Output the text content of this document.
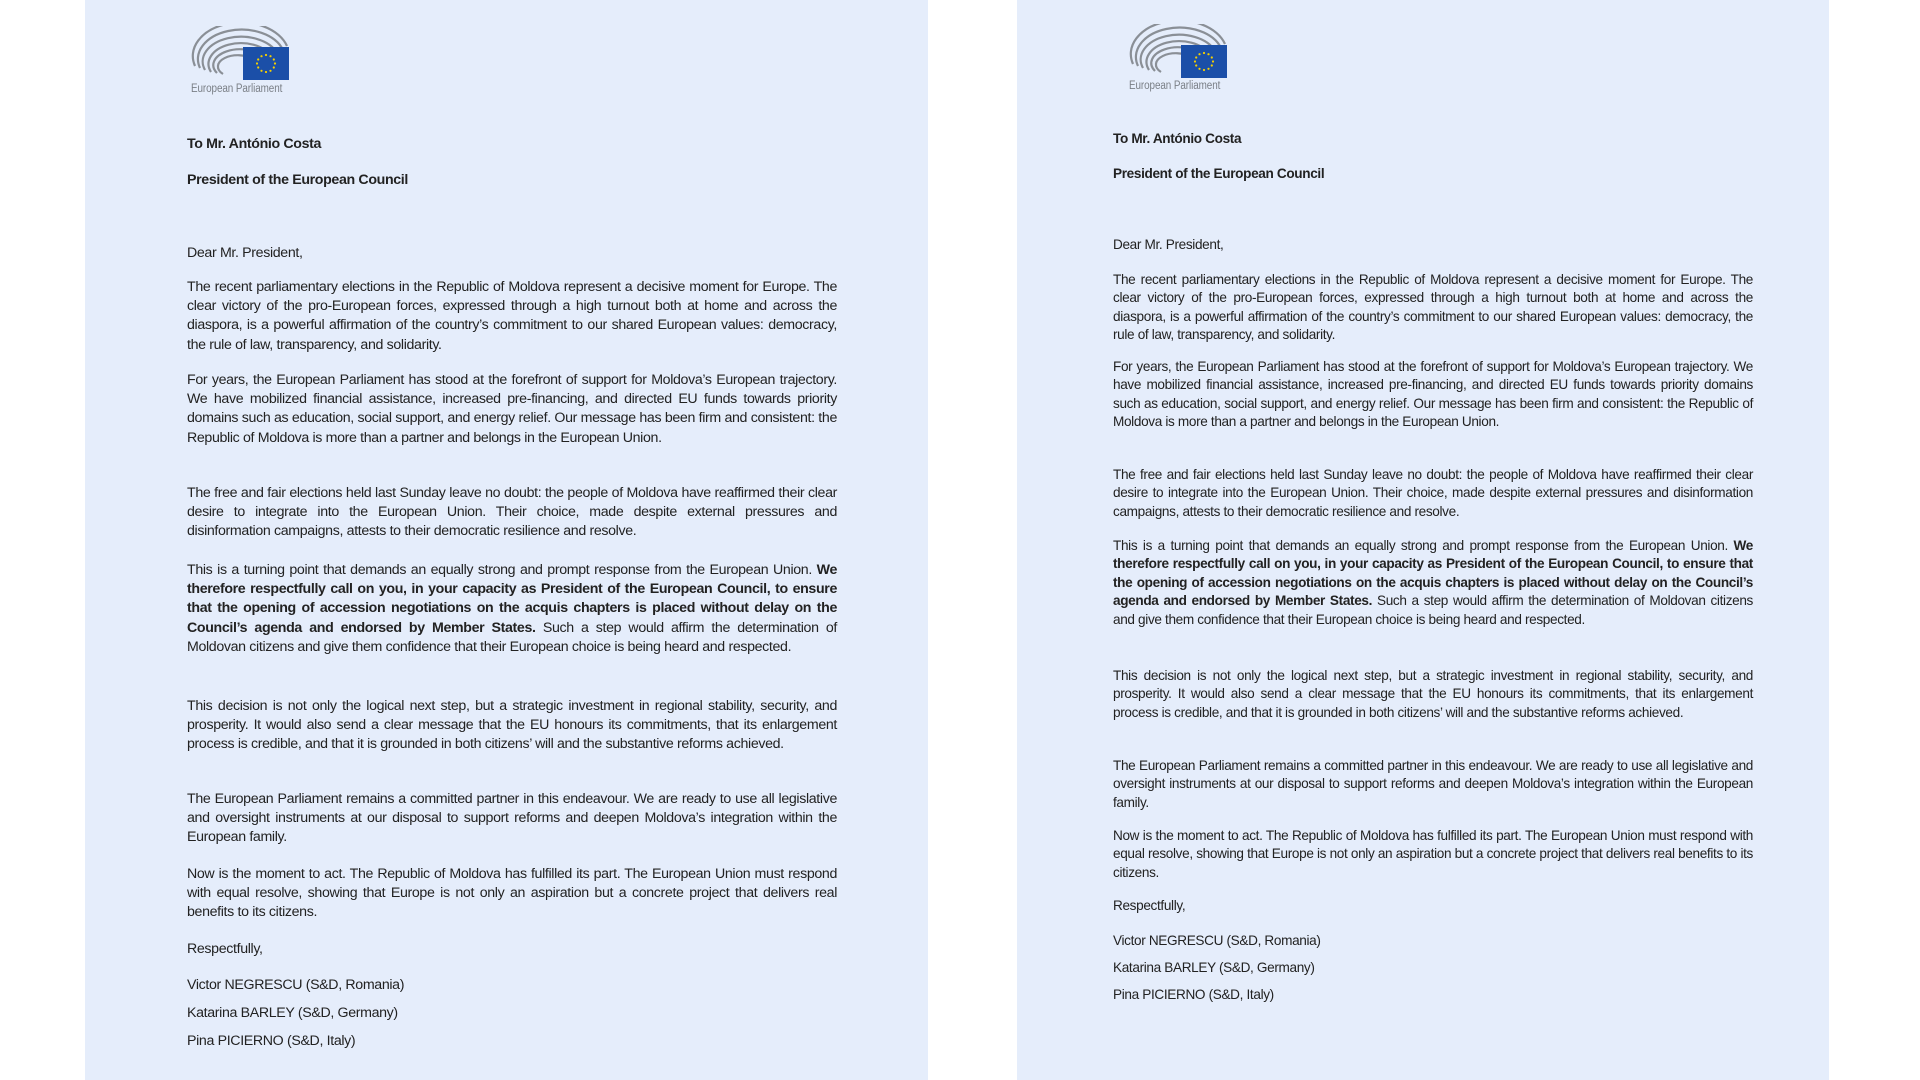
European Parliament
To Mr. António Costa
President of the European Council
Dear Mr. President,

The recent parliamentary elections in the Republic of Moldova represent a decisive moment for Europe. The clear victory of the pro-European forces, expressed through a high turnout both at home and across the diaspora, is a powerful affirmation of the country’s commitment to our shared European values: democracy, the rule of law, transparency, and solidarity.

For years, the European Parliament has stood at the forefront of support for Moldova’s European trajectory. We have mobilized financial assistance, increased pre-financing, and directed EU funds towards priority domains such as education, social support, and energy relief. Our message has been firm and consistent: the Republic of Moldova is more than a partner and belongs in the European Union.

The free and fair elections held last Sunday leave no doubt: the people of Moldova have reaffirmed their clear desire to integrate into the European Union. Their choice, made despite external pressures and disinformation campaigns, attests to their democratic resilience and resolve.

This is a turning point that demands an equally strong and prompt response from the European Union. We therefore respectfully call on you, in your capacity as President of the European Council, to ensure that the opening of accession negotiations on the acquis chapters is placed without delay on the Council’s agenda and endorsed by Member States. Such a step would affirm the determination of Moldovan citizens and give them confidence that their European choice is being heard and respected.

This decision is not only the logical next step, but a strategic investment in regional stability, security, and prosperity. It would also send a clear message that the EU honours its commitments, that its enlargement process is credible, and that it is grounded in both citizens’ will and the substantive reforms achieved.

The European Parliament remains a committed partner in this endeavour. We are ready to use all legislative and oversight instruments at our disposal to support reforms and deepen Moldova’s integration within the European family.

Now is the moment to act. The Republic of Moldova has fulfilled its part. The European Union must respond with equal resolve, showing that Europe is not only an aspiration but a concrete project that delivers real benefits to its citizens.

Respectfully,
Victor NEGRESCU (S&D, Romania)
Katarina BARLEY (S&D, Germany)
Pina PICIERNO (S&D, Italy)
European Parliament
To Mr. António Costa
President of the European Council
Dear Mr. President,

The recent parliamentary elections in the Republic of Moldova represent a decisive moment for Europe. The clear victory of the pro-European forces, expressed through a high turnout both at home and across the diaspora, is a powerful affirmation of the country’s commitment to our shared European values: democracy, the rule of law, transparency, and solidarity.

For years, the European Parliament has stood at the forefront of support for Moldova’s European trajectory. We have mobilized financial assistance, increased pre-financing, and directed EU funds towards priority domains such as education, social support, and energy relief. Our message has been firm and consistent: the Republic of Moldova is more than a partner and belongs in the European Union.

The free and fair elections held last Sunday leave no doubt: the people of Moldova have reaffirmed their clear desire to integrate into the European Union. Their choice, made despite external pressures and disinformation campaigns, attests to their democratic resilience and resolve.

This is a turning point that demands an equally strong and prompt response from the European Union. We therefore respectfully call on you, in your capacity as President of the European Council, to ensure that the opening of accession negotiations on the acquis chapters is placed without delay on the Council’s agenda and endorsed by Member States. Such a step would affirm the determination of Moldovan citizens and give them confidence that their European choice is being heard and respected.

This decision is not only the logical next step, but a strategic investment in regional stability, security, and prosperity. It would also send a clear message that the EU honours its commitments, that its enlargement process is credible, and that it is grounded in both citizens’ will and the substantive reforms achieved.

The European Parliament remains a committed partner in this endeavour. We are ready to use all legislative and oversight instruments at our disposal to support reforms and deepen Moldova’s integration within the European family.

Now is the moment to act. The Republic of Moldova has fulfilled its part. The European Union must respond with equal resolve, showing that Europe is not only an aspiration but a concrete project that delivers real benefits to its citizens.

Respectfully,
Victor NEGRESCU (S&D, Romania)
Katarina BARLEY (S&D, Germany)
Pina PICIERNO (S&D, Italy)
